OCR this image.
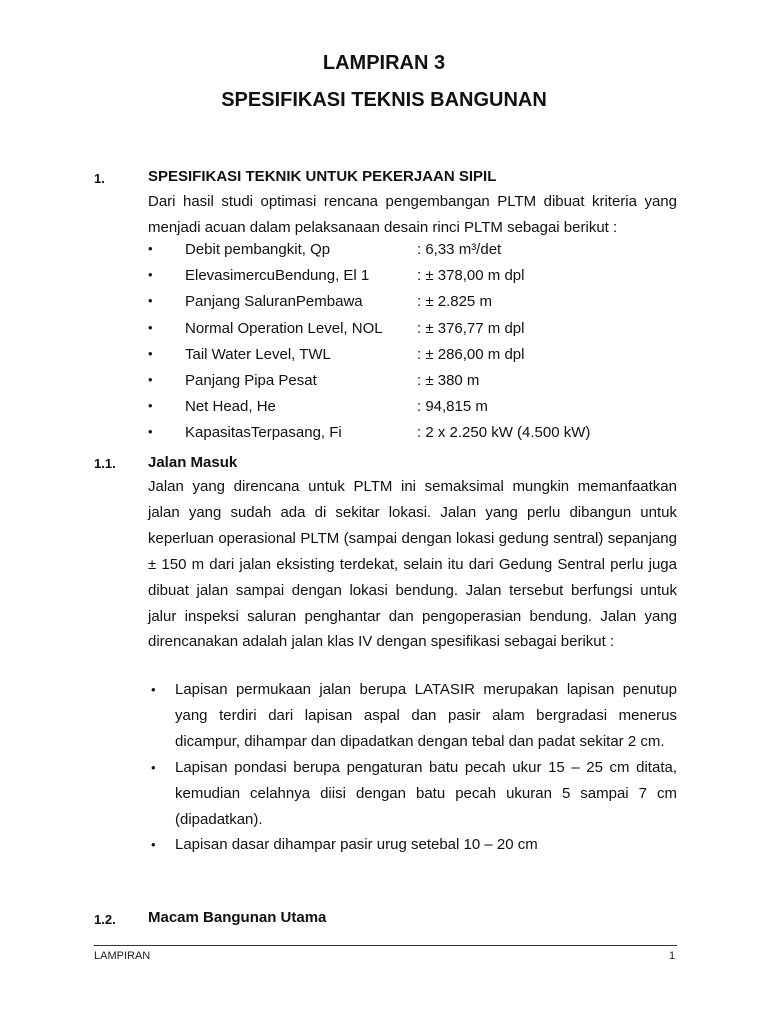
LAMPIRAN 3
SPESIFIKASI TEKNIS BANGUNAN
1.	SPESIFIKASI TEKNIK UNTUK PEKERJAAN SIPIL

Dari hasil studi optimasi rencana pengembangan PLTM dibuat kriteria yang menjadi acuan dalam pelaksanaan desain rinci PLTM sebagai berikut :

• Debit pembangkit, Qp	: 6,33 m³/det
• ElevasimercuBendung, El 1	: ± 378,00 m dpl
• Panjang SaluranPembawa	: ± 2.825 m
• Normal Operation Level, NOL : ± 376,77 m dpl
• Tail Water Level, TWL	: ± 286,00 m dpl
• Panjang Pipa Pesat	: ± 380 m
• Net Head, He	: 94,815 m
• KapasitasTerpasang, Fi	: 2 x 2.250 kW (4.500 kW)
1.1. Jalan Masuk

Jalan yang direncana untuk PLTM ini semaksimal mungkin memanfaatkan jalan yang sudah ada di sekitar lokasi. Jalan yang perlu dibangun untuk keperluan operasional PLTM (sampai dengan lokasi gedung sentral) sepanjang ± 150 m dari jalan eksisting terdekat, selain itu dari Gedung Sentral perlu juga dibuat jalan sampai dengan lokasi bendung. Jalan tersebut berfungsi untuk jalur inspeksi saluran penghantar dan pengoperasian bendung. Jalan yang direncanakan adalah jalan klas IV dengan spesifikasi sebagai berikut :

• Lapisan permukaan jalan berupa LATASIR merupakan lapisan penutup yang terdiri dari lapisan aspal dan pasir alam bergradasi menerus dicampur, dihampar dan dipadatkan dengan tebal dan padat sekitar 2 cm.
• Lapisan pondasi berupa pengaturan batu pecah ukur 15 – 25 cm ditata, kemudian celahnya diisi dengan batu pecah ukuran 5 sampai 7 cm (dipadatkan).
• Lapisan dasar dihampar pasir urug setebal 10 – 20 cm
1.2. Macam Bangunan Utama
LAMPIRAN	1
